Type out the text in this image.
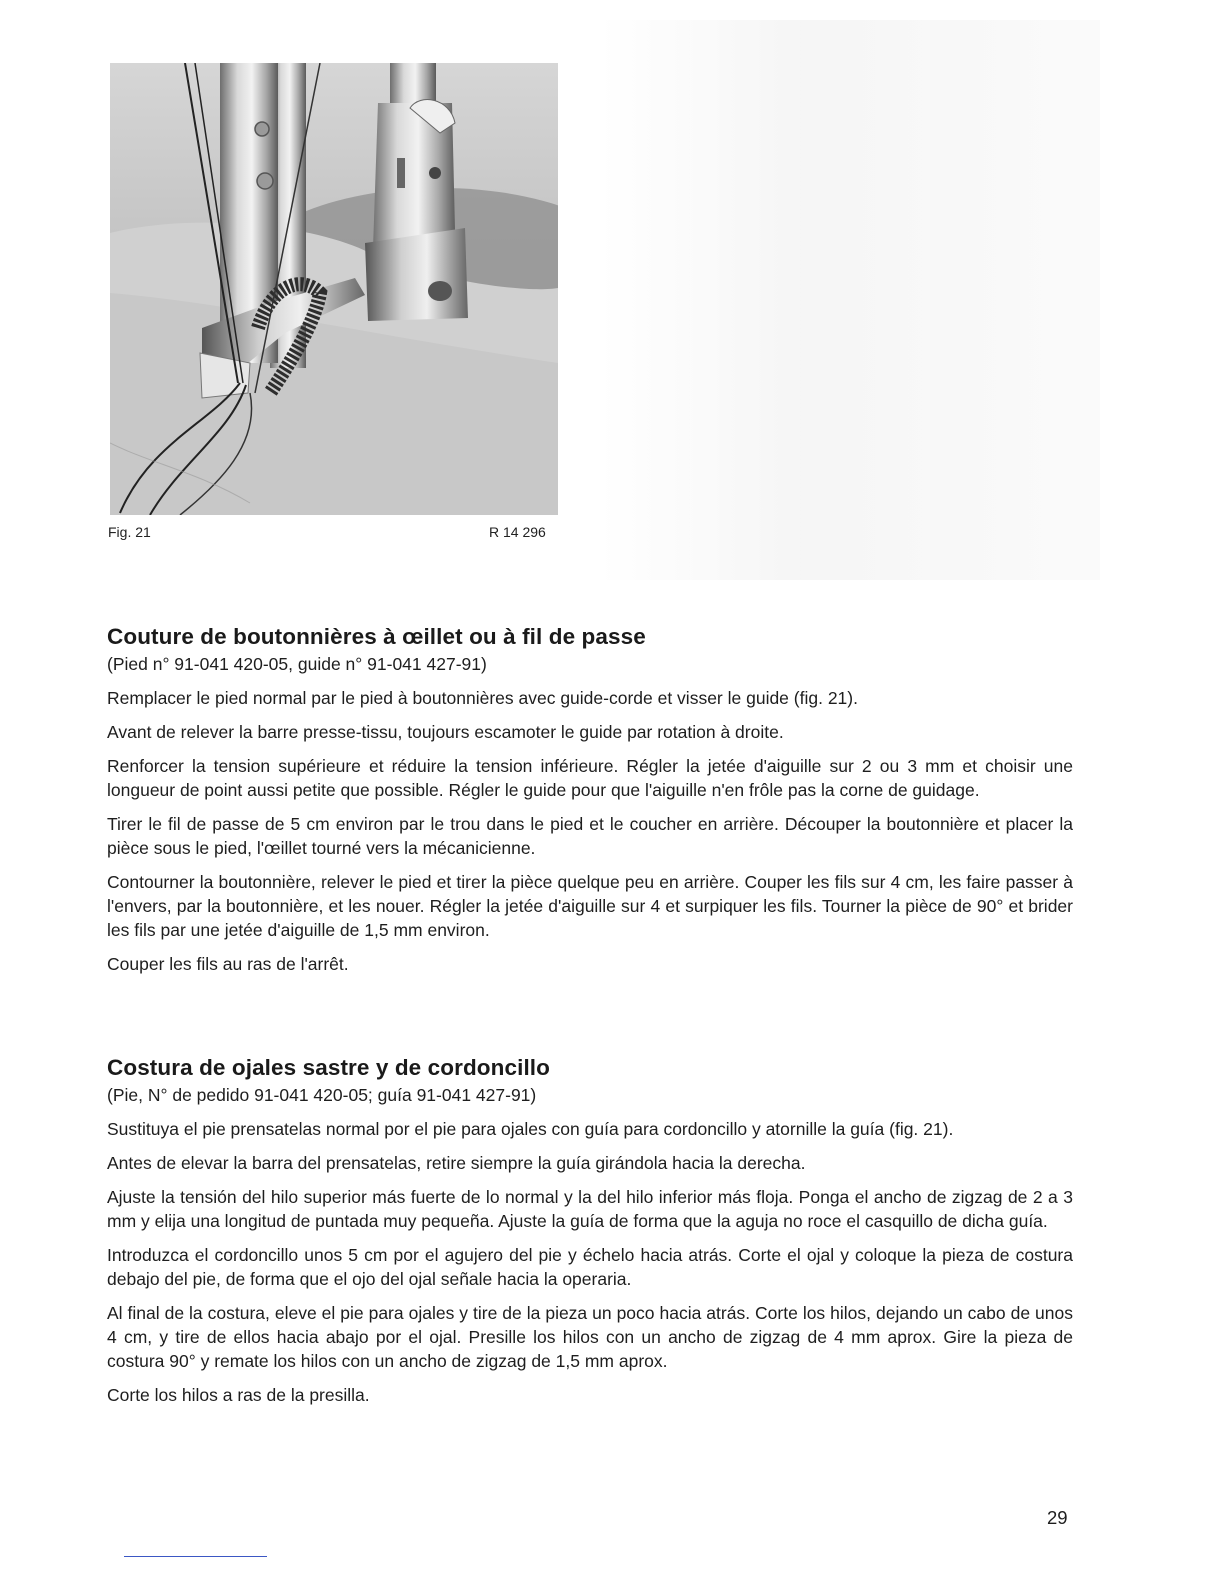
Fig. 21	R 14 296
Couture de boutonnières à œillet ou à fil de passe

(Pied n° 91-041 420-05, guide n° 91-041 427-91)

Remplacer le pied normal par le pied à boutonnières avec guide-corde et visser le guide (fig. 21).

Avant de relever la barre presse-tissu, toujours escamoter le guide par rotation à droite.

Renforcer la tension supérieure et réduire la tension inférieure. Régler la jetée d'aiguille sur 2 ou 3 mm et choisir une longueur de point aussi petite que possible. Régler le guide pour que l'aiguille n'en frôle pas la corne de guidage.

Tirer le fil de passe de 5 cm environ par le trou dans le pied et le coucher en arrière. Découper la boutonnière et placer la pièce sous le pied, l'œillet tourné vers la mécanicienne.

Contourner la boutonnière, relever le pied et tirer la pièce quelque peu en arrière. Couper les fils sur 4 cm, les faire passer à l'envers, par la boutonnière, et les nouer. Régler la jetée d'aiguille sur 4 et surpiquer les fils. Tourner la pièce de 90° et brider les fils par une jetée d'aiguille de 1,5 mm environ.

Couper les fils au ras de l'arrêt.

Costura de ojales sastre y de cordoncillo

(Pie, N° de pedido 91-041 420-05; guía 91-041 427-91)

Sustituya el pie prensatelas normal por el pie para ojales con guía para cordoncillo y atornille la guía (fig. 21).

Antes de elevar la barra del prensatelas, retire siempre la guía girándola hacia la derecha.

Ajuste la tensión del hilo superior más fuerte de lo normal y la del hilo inferior más floja. Ponga el ancho de zigzag de 2 a 3 mm y elija una longitud de puntada muy pequeña. Ajuste la guía de forma que la aguja no roce el casquillo de dicha guía.

Introduzca el cordoncillo unos 5 cm por el agujero del pie y échelo hacia atrás. Corte el ojal y coloque la pieza de costura debajo del pie, de forma que el ojo del ojal señale hacia la operaria.

Al final de la costura, eleve el pie para ojales y tire de la pieza un poco hacia atrás. Corte los hilos, dejando un cabo de unos 4 cm, y tire de ellos hacia abajo por el ojal. Presille los hilos con un ancho de zigzag de 4 mm aprox. Gire la pieza de costura 90° y remate los hilos con un ancho de zigzag de 1,5 mm aprox.

Corte los hilos a ras de la presilla.

29
